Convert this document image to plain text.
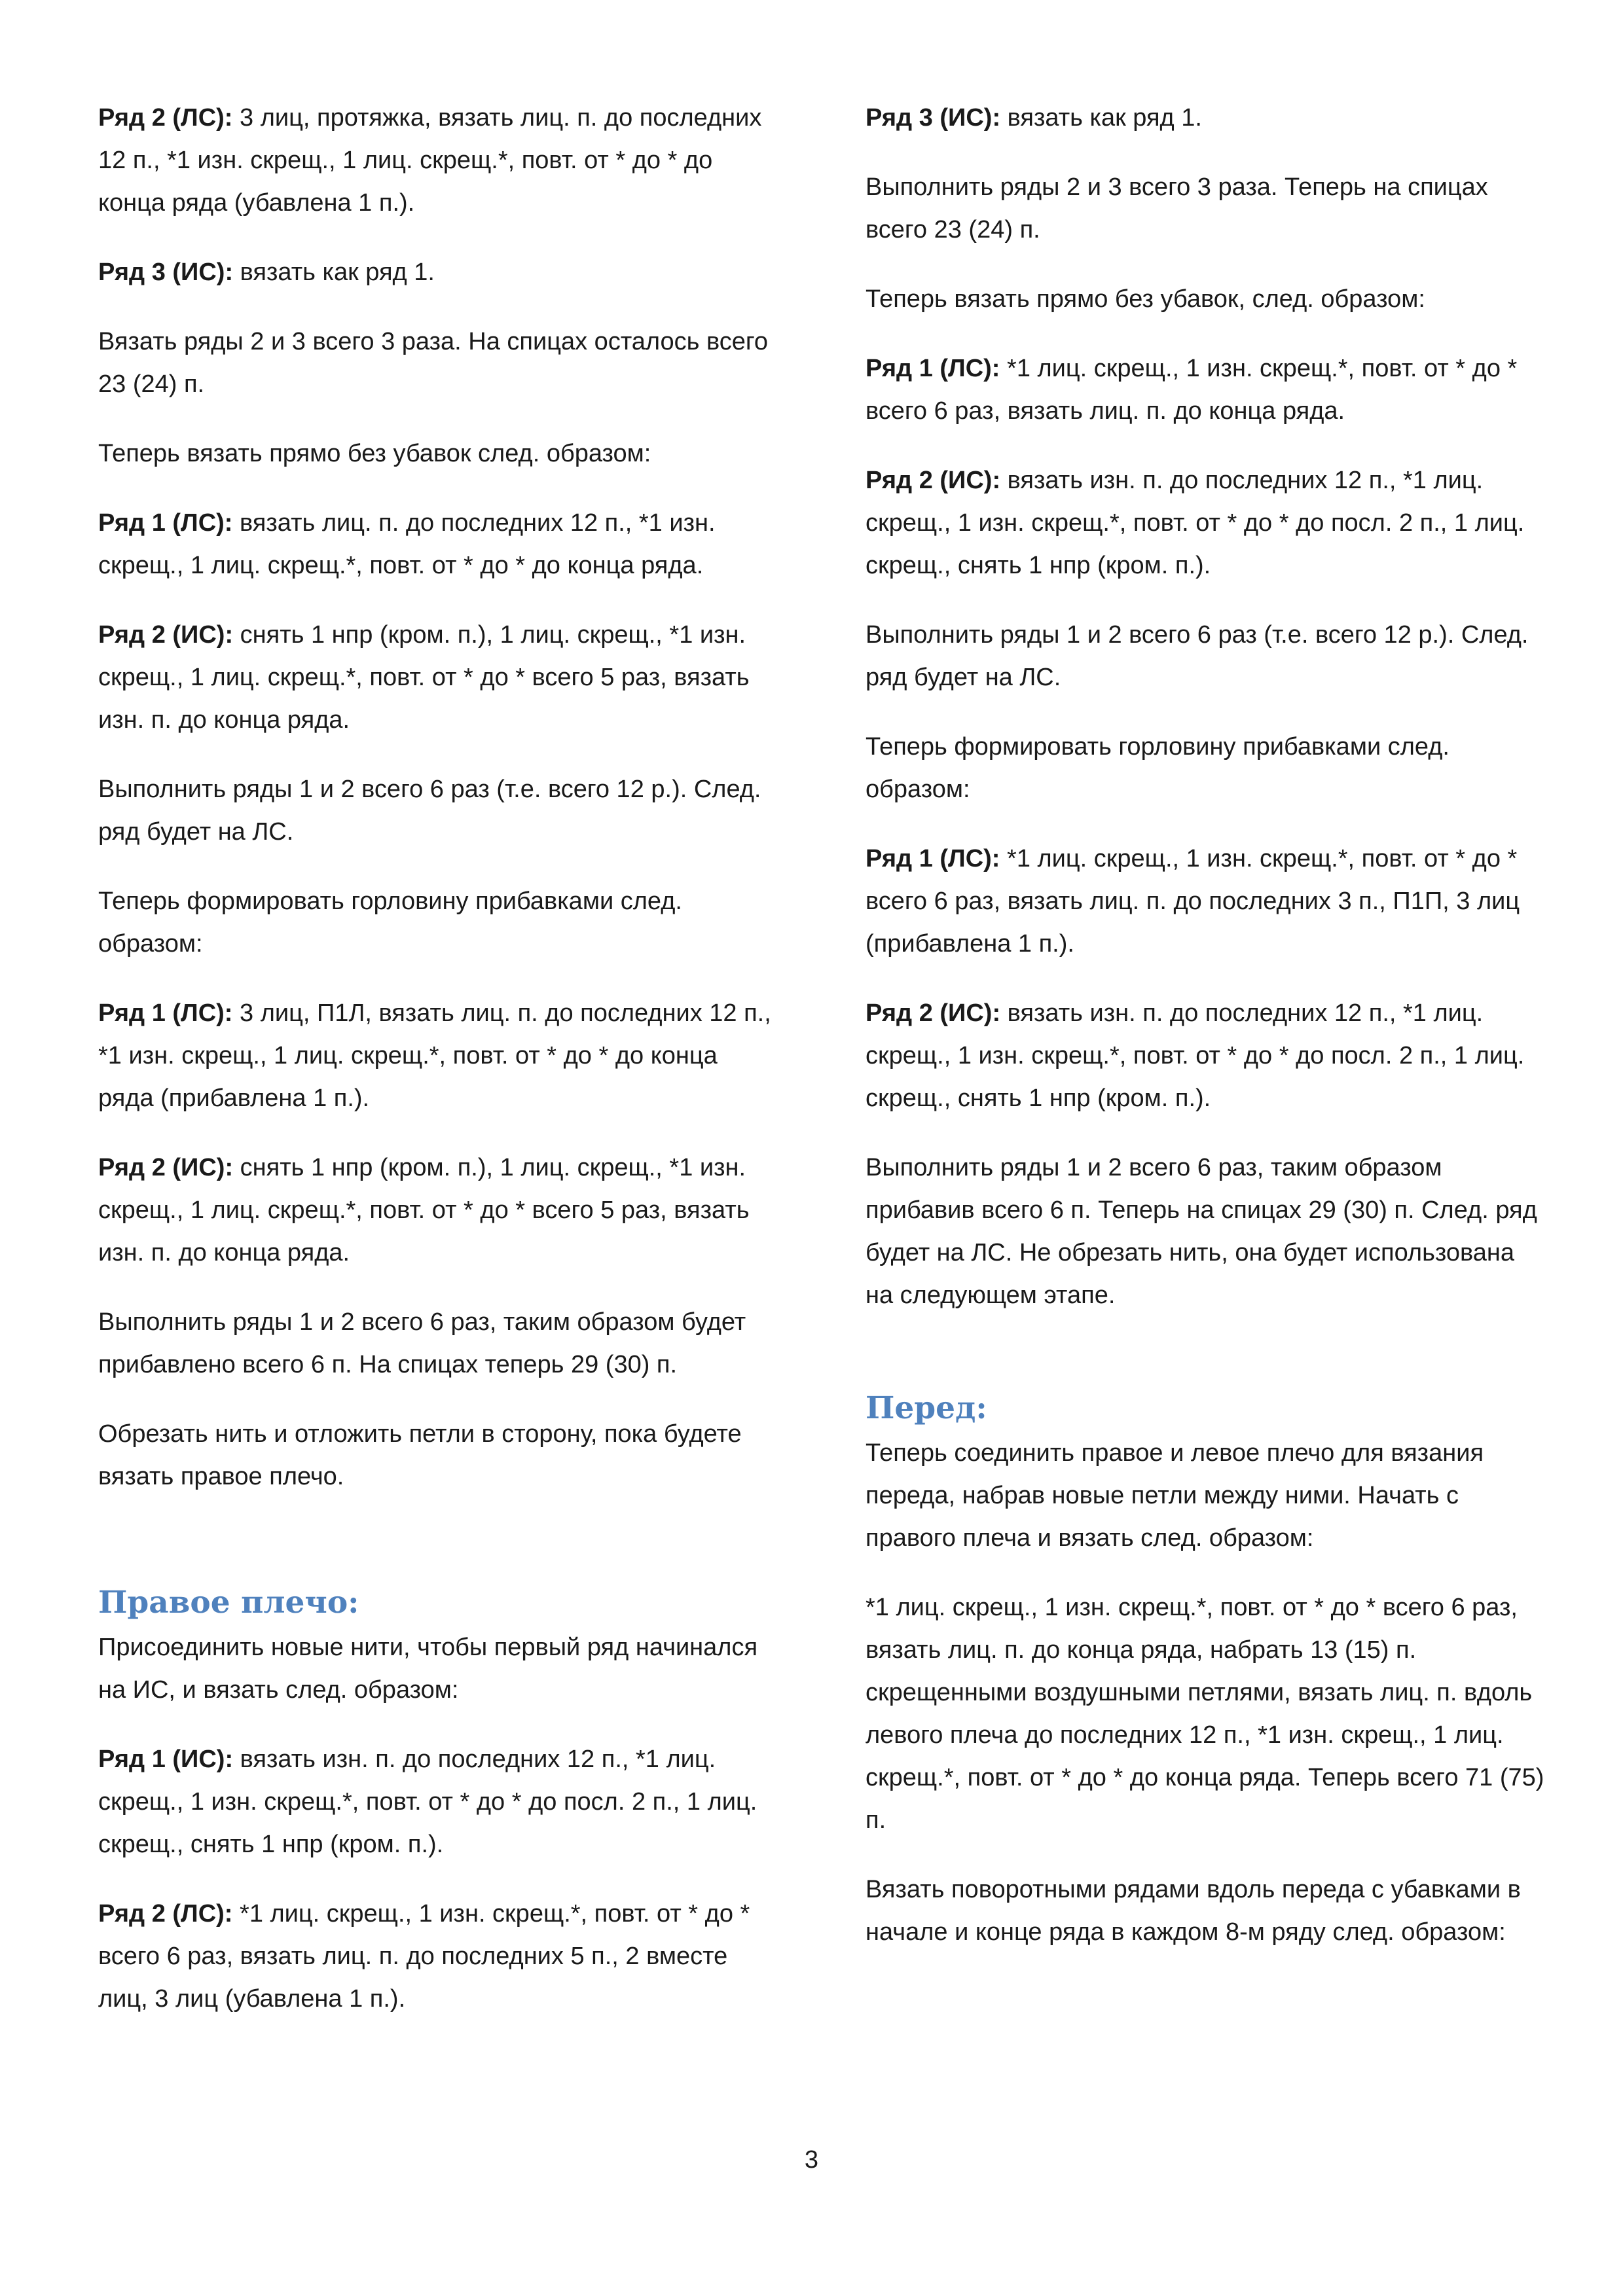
Ряд 2 (ЛС): 3 лиц, протяжка, вязать лиц. п. до последних 12 п., *1 изн. скрещ., 1 лиц. скрещ.*, повт. от * до * до конца ряда (убавлена 1 п.).

Ряд 3 (ИС): вязать как ряд 1.

Вязать ряды 2 и 3 всего 3 раза. На спицах осталось всего 23 (24) п.

Теперь вязать прямо без убавок след. образом:

Ряд 1 (ЛС): вязать лиц. п. до последних 12 п., *1 изн. скрещ., 1 лиц. скрещ.*, повт. от * до * до конца ряда.

Ряд 2 (ИС): снять 1 нпр (кром. п.), 1 лиц. скрещ., *1 изн. скрещ., 1 лиц. скрещ.*, повт. от * до * всего 5 раз, вязать изн. п. до конца ряда.

Выполнить ряды 1 и 2 всего 6 раз (т.е. всего 12 р.). След. ряд будет на ЛС.

Теперь формировать горловину прибавками след. образом:

Ряд 1 (ЛС): 3 лиц, П1Л, вязать лиц. п. до последних 12 п., *1 изн. скрещ., 1 лиц. скрещ.*, повт. от * до * до конца ряда (прибавлена 1 п.).

Ряд 2 (ИС): снять 1 нпр (кром. п.), 1 лиц. скрещ., *1 изн. скрещ., 1 лиц. скрещ.*, повт. от * до * всего 5 раз, вязать изн. п. до конца ряда.

Выполнить ряды 1 и 2 всего 6 раз, таким образом будет прибавлено всего 6 п. На спицах теперь 29 (30) п.

Обрезать нить и отложить петли в сторону, пока будете вязать правое плечо.

Правое плечо:

Присоединить новые нити, чтобы первый ряд начинался на ИС, и вязать след. образом:

Ряд 1 (ИС): вязать изн. п. до последних 12 п., *1 лиц. скрещ., 1 изн. скрещ.*, повт. от * до * до посл. 2 п., 1 лиц. скрещ., снять 1 нпр (кром. п.).

Ряд 2 (ЛС): *1 лиц. скрещ., 1 изн. скрещ.*, повт. от * до * всего 6 раз, вязать лиц. п. до последних 5 п., 2 вместе лиц, 3 лиц (убавлена 1 п.).

Ряд 3 (ИС): вязать как ряд 1.

Выполнить ряды 2 и 3 всего 3 раза. Теперь на спицах всего 23 (24) п.

Теперь вязать прямо без убавок, след. образом:

Ряд 1 (ЛС): *1 лиц. скрещ., 1 изн. скрещ.*, повт. от * до * всего 6 раз, вязать лиц. п. до конца ряда.

Ряд 2 (ИС): вязать изн. п. до последних 12 п., *1 лиц. скрещ., 1 изн. скрещ.*, повт. от * до * до посл. 2 п., 1 лиц. скрещ., снять 1 нпр (кром. п.).

Выполнить ряды 1 и 2 всего 6 раз (т.е. всего 12 р.). След. ряд будет на ЛС.

Теперь формировать горловину прибавками след. образом:

Ряд 1 (ЛС): *1 лиц. скрещ., 1 изн. скрещ.*, повт. от * до * всего 6 раз, вязать лиц. п. до последних 3 п., П1П, 3 лиц (прибавлена 1 п.).

Ряд 2 (ИС): вязать изн. п. до последних 12 п., *1 лиц. скрещ., 1 изн. скрещ.*, повт. от * до * до посл. 2 п., 1 лиц. скрещ., снять 1 нпр (кром. п.).

Выполнить ряды 1 и 2 всего 6 раз, таким образом прибавив всего 6 п. Теперь на спицах 29 (30) п. След. ряд будет на ЛС. Не обрезать нить, она будет использована на следующем этапе.

Перед:

Теперь соединить правое и левое плечо для вязания переда, набрав новые петли между ними. Начать с правого плеча и вязать след. образом:

*1 лиц. скрещ., 1 изн. скрещ.*, повт. от * до * всего 6 раз, вязать лиц. п. до конца ряда, набрать 13 (15) п. скрещенными воздушными петлями, вязать лиц. п. вдоль левого плеча до последних 12 п., *1 изн. скрещ., 1 лиц. скрещ.*, повт. от * до * до конца ряда. Теперь всего 71 (75) п.

Вязать поворотными рядами вдоль переда с убавками в начале и конце ряда в каждом 8-м ряду след. образом:

3
